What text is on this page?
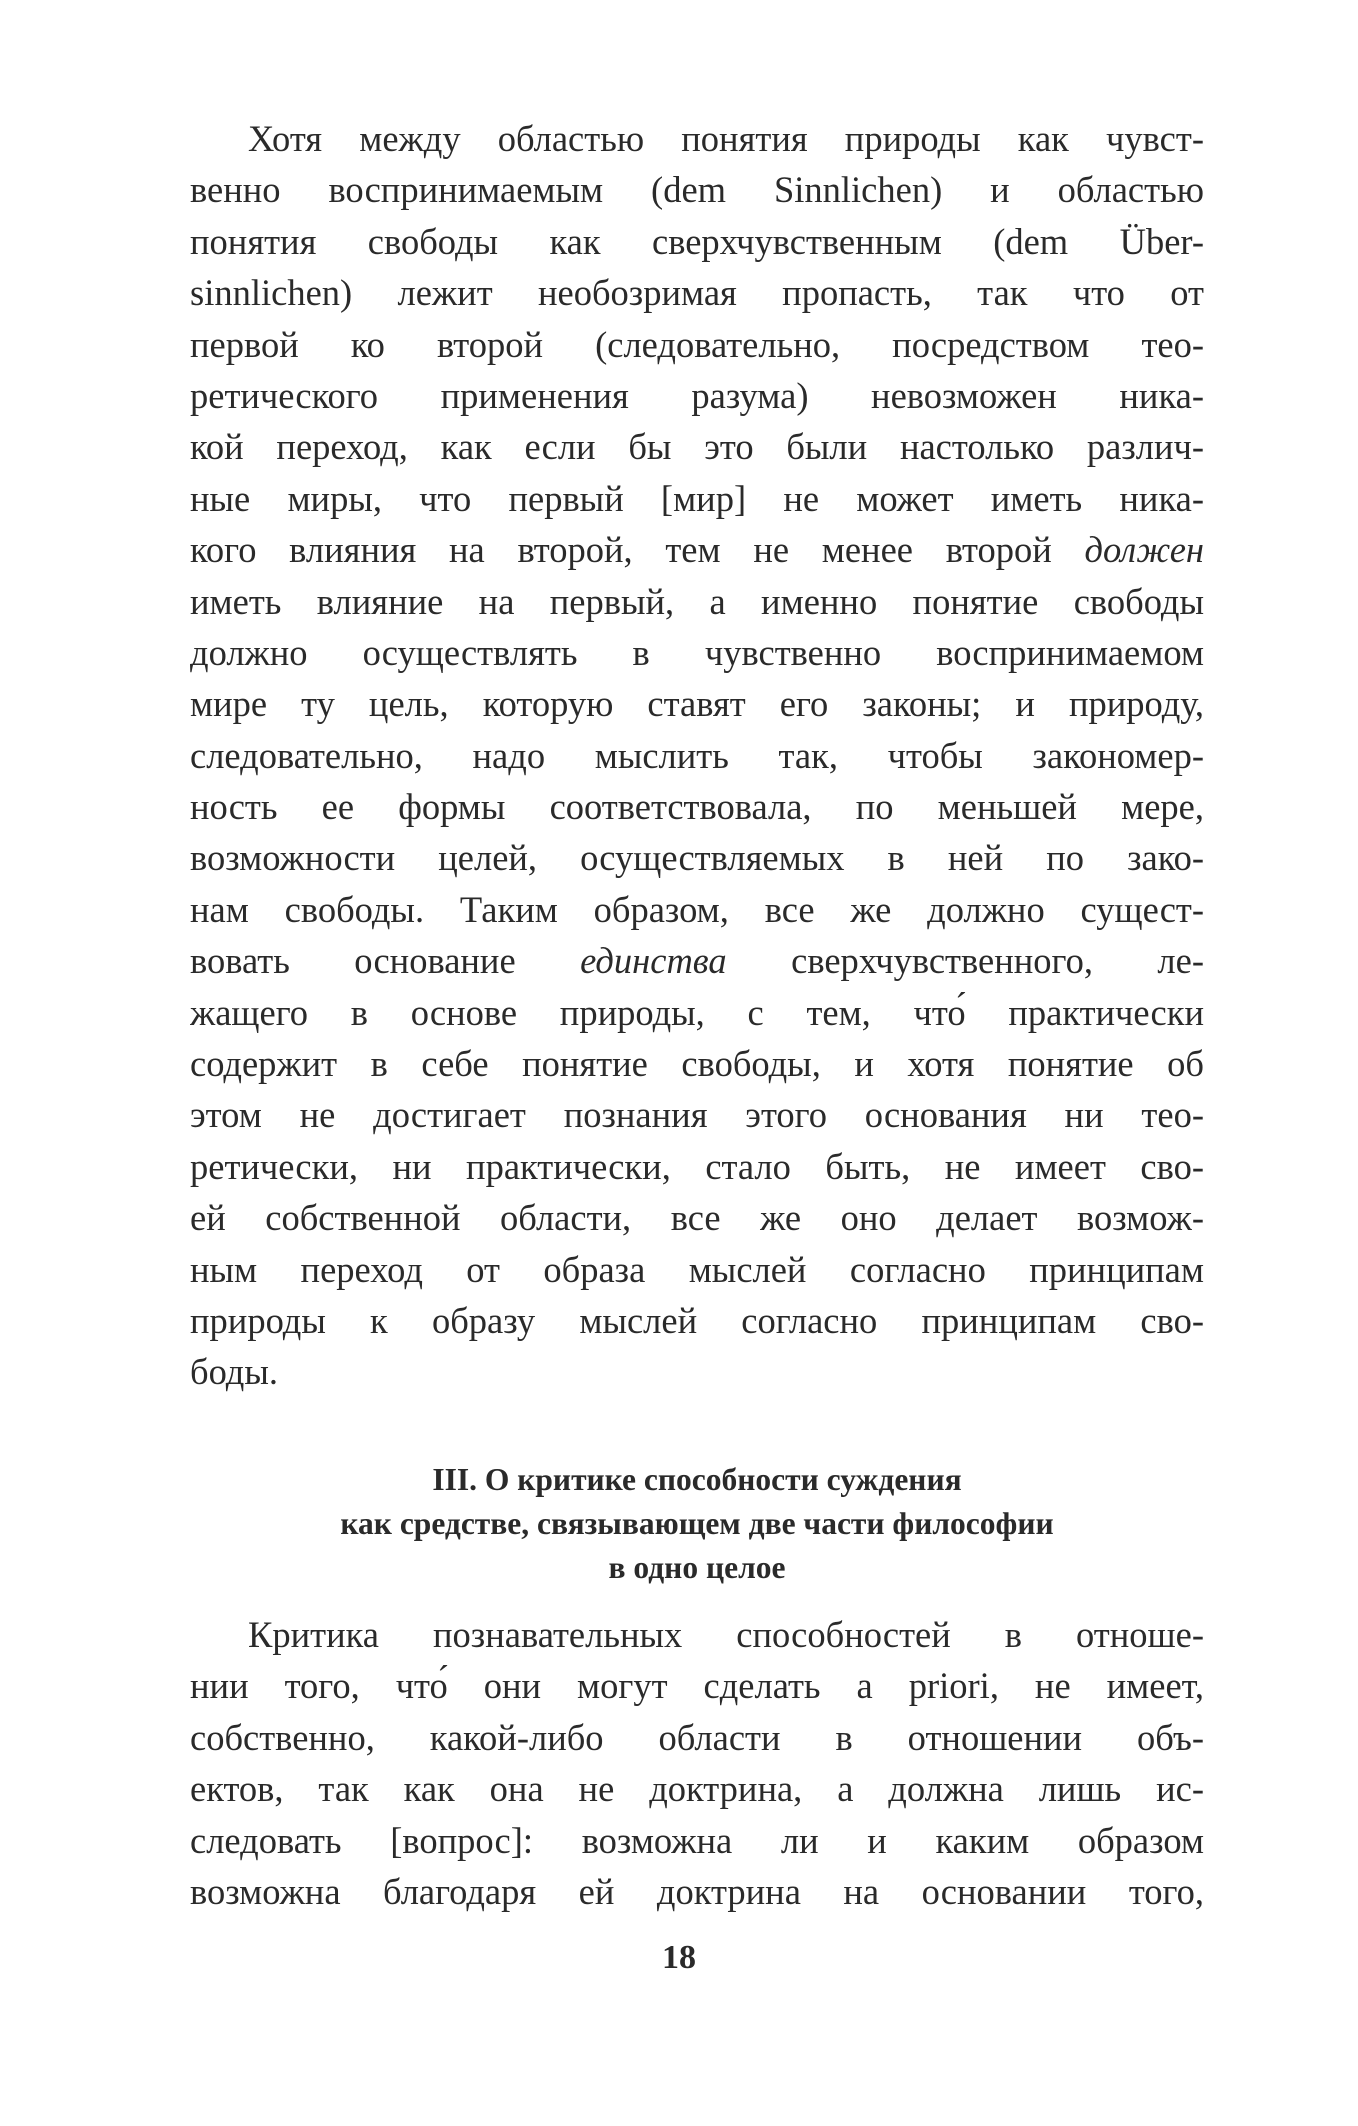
Хотя между областью понятия природы как чувст-
венно воспринимаемым (dem Sinnlichen) и областью
понятия свободы как сверхчувственным (dem Über-
sinnlichen) лежит необозримая пропасть, так что от
первой ко второй (следовательно, посредством тео-
ретического применения разума) невозможен ника-
кой переход, как если бы это были настолько различ-
ные миры, что первый [мир] не может иметь ника-
кого влияния на второй, тем не менее второй должен
иметь влияние на первый, а именно понятие свободы
должно осуществлять в чувственно воспринимаемом
мире ту цель, которую ставят его законы; и природу,
следовательно, надо мыслить так, чтобы закономер-
ность ее формы соответствовала, по меньшей мере,
возможности целей, осуществляемых в ней по зако-
нам свободы. Таким образом, все же должно сущест-
вовать основание единства сверхчувственного, ле-
жащего в основе природы, с тем, что́ практически
содержит в себе понятие свободы, и хотя понятие об
этом не достигает познания этого основания ни тео-
ретически, ни практически, стало быть, не имеет сво-
ей собственной области, все же оно делает возмож-
ным переход от образа мыслей согласно принципам
природы к образу мыслей согласно принципам сво-
боды.
III. О критике способности суждения
как средстве, связывающем две части философии
в одно целое
Критика познавательных способностей в отноше-
нии того, что́ они могут сделать a priori, не имеет,
собственно, какой-либо области в отношении объ-
ектов, так как она не доктрина, а должна лишь ис-
следовать [вопрос]: возможна ли и каким образом
возможна благодаря ей доктрина на основании того,
18
